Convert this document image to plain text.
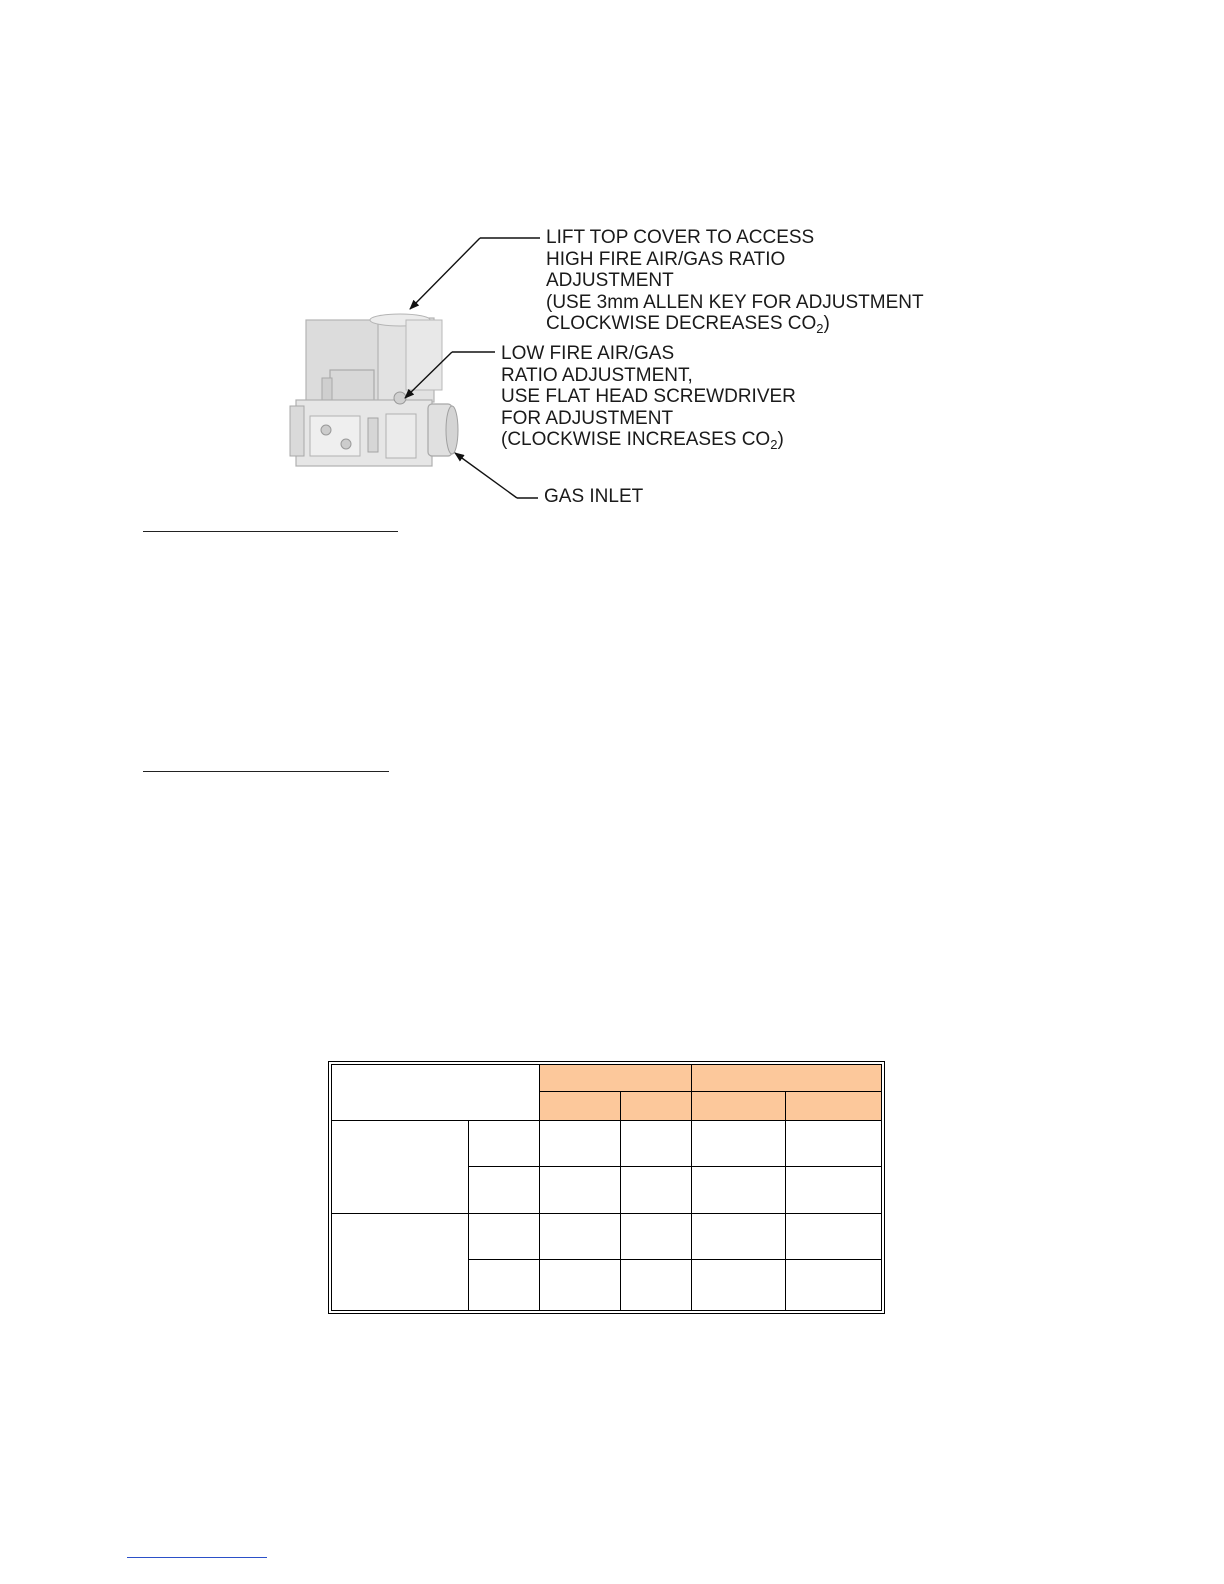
LIFT TOP COVER TO ACCESS
HIGH FIRE AIR/GAS RATIO
ADJUSTMENT
(USE 3mm ALLEN KEY FOR ADJUSTMENT
CLOCKWISE DECREASES $CO_2$)
LOW FIRE AIR/GAS
RATIO ADJUSTMENT,
USE FLAT HEAD SCREWDRIVER
FOR ADJUSTMENT
(CLOCKWISE INCREASES $CO_2$)
GAS INLET
